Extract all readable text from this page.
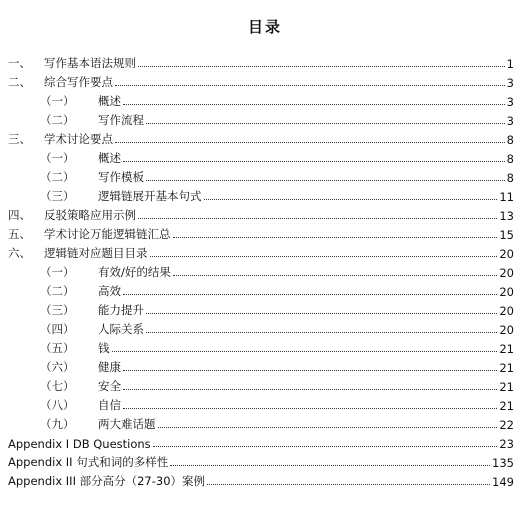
目录
一、	写作基本语法规则	1
二、	综合写作要点	3
（一）	概述	3
（二）	写作流程	3
三、	学术讨论要点	8
（一）	概述	8
（二）	写作模板	8
（三）	逻辑链展开基本句式	11
四、	反驳策略应用示例	13
五、	学术讨论万能逻辑链汇总	15
六、	逻辑链对应题目目录	20
（一）	有效/好的结果	20
（二）	高效	20
（三）	能力提升	20
（四）	人际关系	20
（五）	钱	21
（六）	健康	21
（七）	安全	21
（八）	自信	21
（九）	两大难话题	22
Appendix I DB Questions	23
Appendix II 句式和词的多样性	135
Appendix III 部分高分（27-30）案例	149
